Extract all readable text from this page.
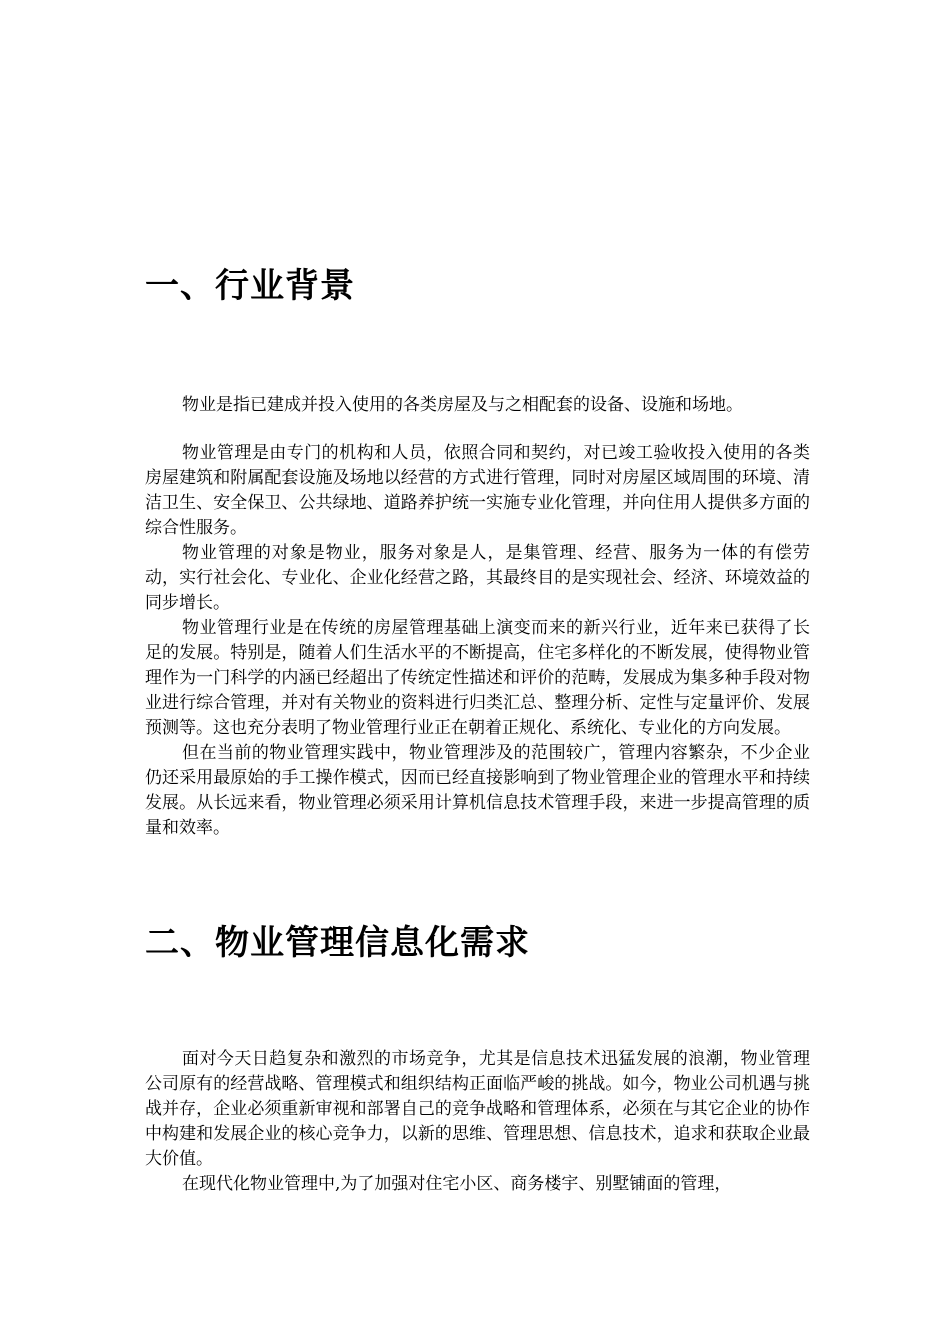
一、行业背景

物业是指已建成并投入使用的各类房屋及与之相配套的设备、设施和场地。

物业管理是由专门的机构和人员，依照合同和契约，对已竣工验收投入使用的各类房屋建筑和附属配套设施及场地以经营的方式进行管理，同时对房屋区域周围的环境、清洁卫生、安全保卫、公共绿地、道路养护统一实施专业化管理，并向住用人提供多方面的综合性服务。

物业管理的对象是物业，服务对象是人，是集管理、经营、服务为一体的有偿劳动，实行社会化、专业化、企业化经营之路，其最终目的是实现社会、经济、环境效益的同步增长。

物业管理行业是在传统的房屋管理基础上演变而来的新兴行业，近年来已获得了长足的发展。特别是，随着人们生活水平的不断提高，住宅多样化的不断发展，使得物业管理作为一门科学的内涵已经超出了传统定性描述和评价的范畴，发展成为集多种手段对物业进行综合管理，并对有关物业的资料进行归类汇总、整理分析、定性与定量评价、发展预测等。这也充分表明了物业管理行业正在朝着正规化、系统化、专业化的方向发展。

但在当前的物业管理实践中，物业管理涉及的范围较广，管理内容繁杂，不少企业仍还采用最原始的手工操作模式，因而已经直接影响到了物业管理企业的管理水平和持续发展。从长远来看，物业管理必须采用计算机信息技术管理手段，来进一步提高管理的质量和效率。

二、物业管理信息化需求

面对今天日趋复杂和激烈的市场竞争，尤其是信息技术迅猛发展的浪潮，物业管理公司原有的经营战略、管理模式和组织结构正面临严峻的挑战。如今，物业公司机遇与挑战并存，企业必须重新审视和部署自己的竞争战略和管理体系，必须在与其它企业的协作中构建和发展企业的核心竞争力，以新的思维、管理思想、信息技术，追求和获取企业最大价值。

在现代化物业管理中,为了加强对住宅小区、商务楼宇、别墅铺面的管理，
